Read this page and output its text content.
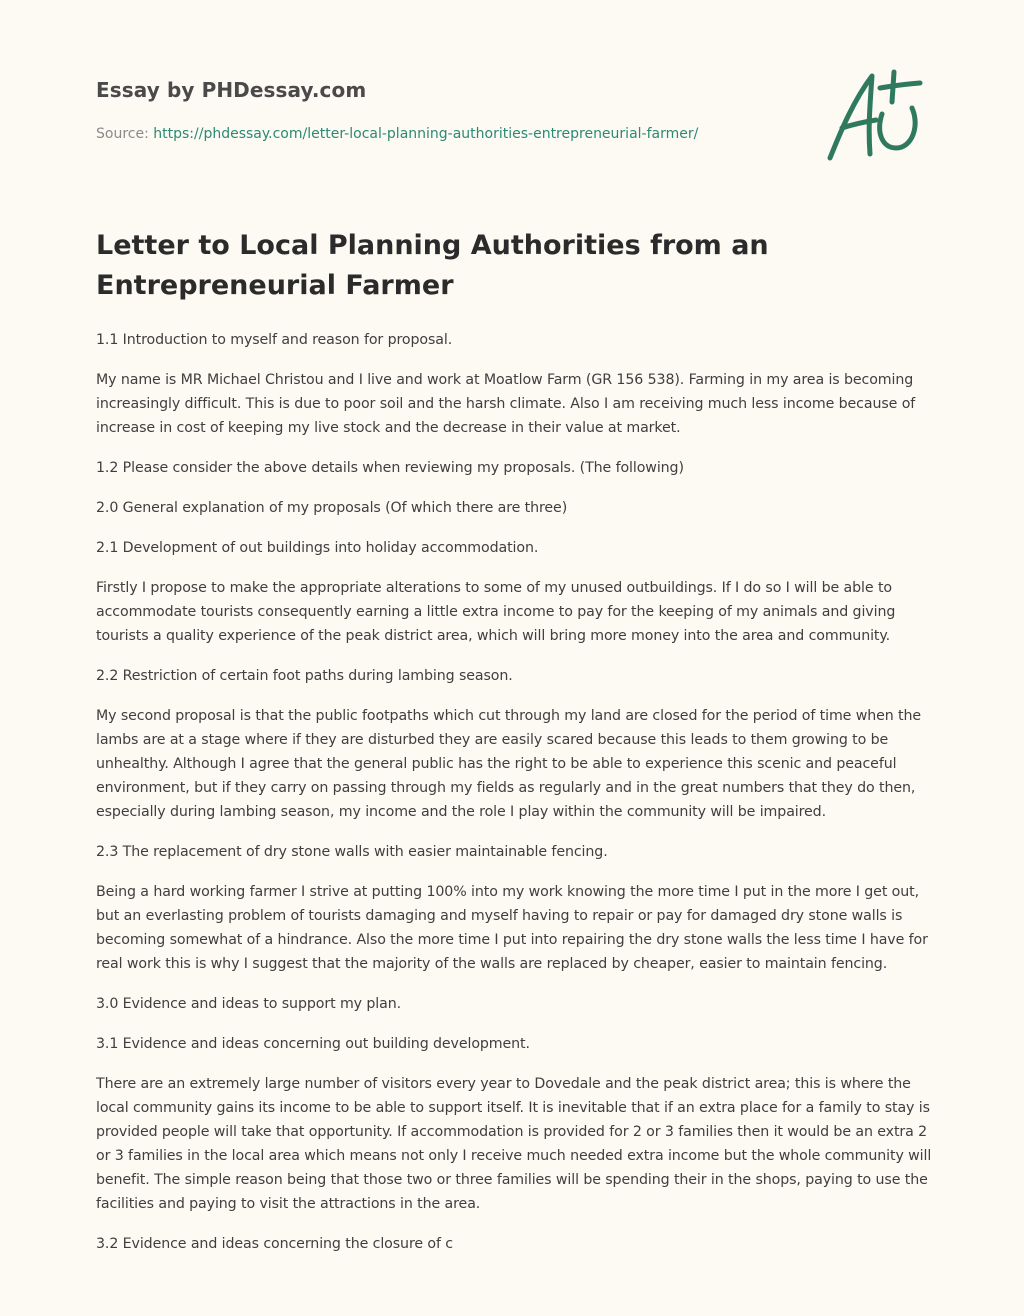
Essay by PHDessay.com
Source: https://phdessay.com/letter-local-planning-authorities-entrepreneurial-farmer/
Letter to Local Planning Authorities from an Entrepreneurial Farmer

1.1 Introduction to myself and reason for proposal.

My name is MR Michael Christou and I live and work at Moatlow Farm (GR 156 538). Farming in my area is becoming increasingly difficult. This is due to poor soil and the harsh climate. Also I am receiving much less income because of increase in cost of keeping my live stock and the decrease in their value at market.

1.2 Please consider the above details when reviewing my proposals. (The following)

2.0 General explanation of my proposals (Of which there are three)

2.1 Development of out buildings into holiday accommodation.

Firstly I propose to make the appropriate alterations to some of my unused outbuildings. If I do so I will be able to accommodate tourists consequently earning a little extra income to pay for the keeping of my animals and giving tourists a quality experience of the peak district area, which will bring more money into the area and community.

2.2 Restriction of certain foot paths during lambing season.

My second proposal is that the public footpaths which cut through my land are closed for the period of time when the lambs are at a stage where if they are disturbed they are easily scared because this leads to them growing to be unhealthy. Although I agree that the general public has the right to be able to experience this scenic and peaceful environment, but if they carry on passing through my fields as regularly and in the great numbers that they do then, especially during lambing season, my income and the role I play within the community will be impaired.

2.3 The replacement of dry stone walls with easier maintainable fencing.

Being a hard working farmer I strive at putting 100% into my work knowing the more time I put in the more I get out, but an everlasting problem of tourists damaging and myself having to repair or pay for damaged dry stone walls is becoming somewhat of a hindrance. Also the more time I put into repairing the dry stone walls the less time I have for real work this is why I suggest that the majority of the walls are replaced by cheaper, easier to maintain fencing.

3.0 Evidence and ideas to support my plan.

3.1 Evidence and ideas concerning out building development.

There are an extremely large number of visitors every year to Dovedale and the peak district area; this is where the local community gains its income to be able to support itself. It is inevitable that if an extra place for a family to stay is provided people will take that opportunity. If accommodation is provided for 2 or 3 families then it would be an extra 2 or 3 families in the local area which means not only I receive much needed extra income but the whole community will benefit. The simple reason being that those two or three families will be spending their in the shops, paying to use the facilities and paying to visit the attractions in the area.

3.2 Evidence and ideas concerning the closure of c
